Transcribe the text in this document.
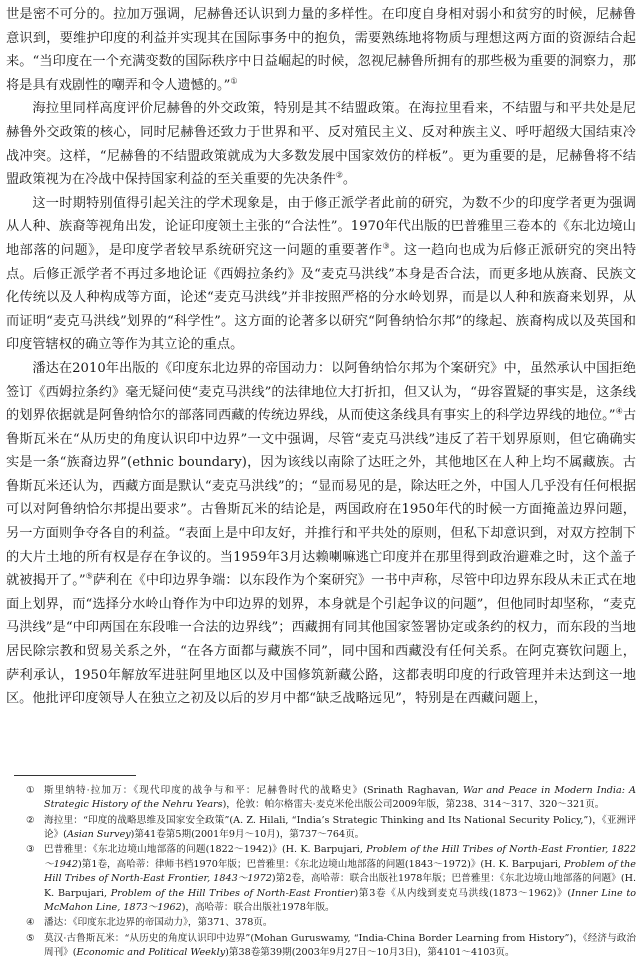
世是密不可分的。拉加万强调，尼赫鲁还认识到力量的多样性。在印度自身相对弱小和贫穷的时候，尼赫鲁意识到，要维护印度的利益并实现其在国际事务中的抱负，需要熟练地将物质与理想这两方面的资源结合起来。“当印度在一个充满变数的国际秩序中日益崛起的时候，忽视尼赫鲁所拥有的那些极为重要的洞察力，那将是具有戏剧性的嘲弄和令人遗憾的。”①

海拉里同样高度评价尼赫鲁的外交政策，特别是其不结盟政策。在海拉里看来，不结盟与和平共处是尼赫鲁外交政策的核心，同时尼赫鲁还致力于世界和平、反对殖民主义、反对种族主义、呼吁超级大国结束冷战冲突。这样，“尼赫鲁的不结盟政策就成为大多数发展中国家效仿的样板”。更为重要的是，尼赫鲁将不结盟政策视为在冷战中保持国家利益的至关重要的先决条件②。

这一时期特别值得引起关注的学术现象是，由于修正派学者此前的研究，为数不少的印度学者更为强调从人种、族裔等视角出发，论证印度领土主张的“合法性”。1970年代出版的巴普雅里三卷本的《东北边境山地部落的问题》，是印度学者较早系统研究这一问题的重要著作③。这一趋向也成为后修正派研究的突出特点。后修正派学者不再过多地论证《西姆拉条约》及“麦克马洪线”本身是否合法，而更多地从族裔、民族文化传统以及人种构成等方面，论述“麦克马洪线”并非按照严格的分水岭划界，而是以人种和族裔来划界，从而证明“麦克马洪线”划界的“科学性”。这方面的论著多以研究“阿鲁纳恰尔邦”的缘起、族裔构成以及英国和印度管辖权的确立等作为其立论的重点。

潘达在2010年出版的《印度东北边界的帝国动力：以阿鲁纳恰尔邦为个案研究》中，虽然承认中国拒绝签订《西姆拉条约》毫无疑问使“麦克马洪线”的法律地位大打折扣，但又认为，“毋容置疑的事实是，这条线的划界依据就是阿鲁纳恰尔的部落同西藏的传统边界线，从而使这条线具有事实上的科学边界线的地位。”④古鲁斯瓦米在“从历史的角度认识印中边界”一文中强调，尽管“麦克马洪线”违反了若干划界原则，但它确确实实是一条“族裔边界”(ethnic boundary)，因为该线以南除了达旺之外，其他地区在人种上均不属藏族。古鲁斯瓦米还认为，西藏方面是默认“麦克马洪线”的；“显而易见的是，除达旺之外，中国人几乎没有任何根据可以对阿鲁纳恰尔邦提出要求”。古鲁斯瓦米的结论是，两国政府在1950年代的时候一方面掩盖边界问题，另一方面则争夺各自的利益。“表面上是中印友好，并推行和平共处的原则，但私下却意识到，对双方控制下的大片土地的所有权是存在争议的。当1959年3月达赖喇嘛逃亡印度并在那里得到政治避难之时，这个盖子就被揭开了。”⑤萨利在《中印边界争端：以东段作为个案研究》一书中声称，尽管中印边界东段从未正式在地面上划界，而“选择分水岭山脊作为中印边界的划界，本身就是个引起争议的问题”，但他同时却坚称，“麦克马洪线”是“中印两国在东段唯一合法的边界线”；西藏拥有同其他国家签署协定或条约的权力，而东段的当地居民除宗教和贸易关系之外，“在各方面都与藏族不同”，同中国和西藏没有任何关系。在阿克赛钦问题上，萨利承认，1950年解放军进驻阿里地区以及中国修筑新藏公路，这都表明印度的行政管理并未达到这一地区。他批评印度领导人在独立之初及以后的岁月中都“缺乏战略远见”，特别是在西藏问题上，

① 斯里纳特·拉加万：《现代印度的战争与和平：尼赫鲁时代的战略史》(Srinath Raghavan, War and Peace in Modern India: A Strategic History of the Nehru Years)，伦敦：帕尔格雷夫·麦克米伦出版公司2009年版，第238、314～317、320～321页。
② 海拉里：“印度的战略思维及国家安全政策”(A. Z. Hilali, “India’s Strategic Thinking and Its National Security Policy,”)，《亚洲评论》(Asian Survey)第41卷第5期(2001年9月～10月)，第737～764页。
③ 巴普雅里：《东北边境山地部落的问题(1822～1942)》(H. K. Barpujari, Problem of the Hill Tribes of North-East Frontier, 1822～1942)第1卷，高哈蒂：律师书档1970年版；巴普雅里：《东北边境山地部落的问题(1843～1972)》(H. K. Barpujari, Problem of the Hill Tribes of North-East Frontier, 1843～1972)第2卷，高哈蒂：联合出版社1978年版；巴普雅里：《东北边境山地部落的问题》(H. K. Barpujari, Problem of the Hill Tribes of North-East Frontier)第3卷《从内线到麦克马洪线(1873～1962)》(Inner Line to McMahon Line, 1873～1962)，高哈蒂：联合出版社1978年版。
④ 潘达：《印度东北边界的帝国动力》，第371、378页。
⑤ 莫汉·古鲁斯瓦米：“从历史的角度认识印中边界”(Mohan Guruswamy, “India-China Border Learning from History”)，《经济与政治周刊》(Economic and Political Weekly)第38卷第39期(2003年9月27日～10月3日)，第4101～4103页。
